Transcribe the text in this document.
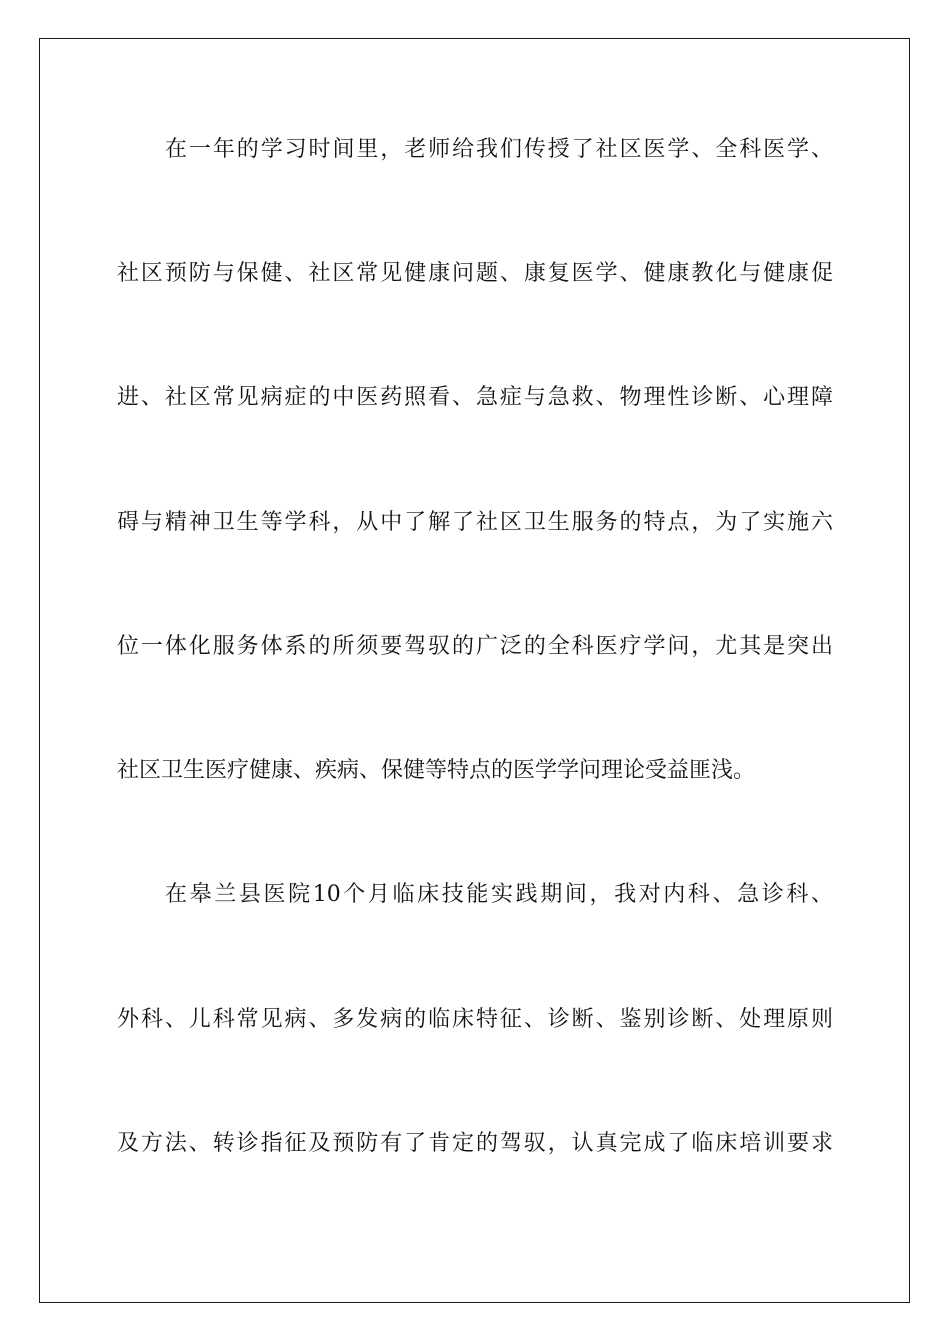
在一年的学习时间里，老师给我们传授了社区医学、全科医学、
社区预防与保健、社区常见健康问题、康复医学、健康教化与健康促
进、社区常见病症的中医药照看、急症与急救、物理性诊断、心理障
碍与精神卫生等学科，从中了解了社区卫生服务的特点，为了实施六
位一体化服务体系的所须要驾驭的广泛的全科医疗学问，尤其是突出
社区卫生医疗健康、疾病、保健等特点的医学学问理论受益匪浅。
在皋兰县医院10个月临床技能实践期间，我对内科、急诊科、
外科、儿科常见病、多发病的临床特征、诊断、鉴别诊断、处理原则
及方法、转诊指征及预防有了肯定的驾驭，认真完成了临床培训要求
